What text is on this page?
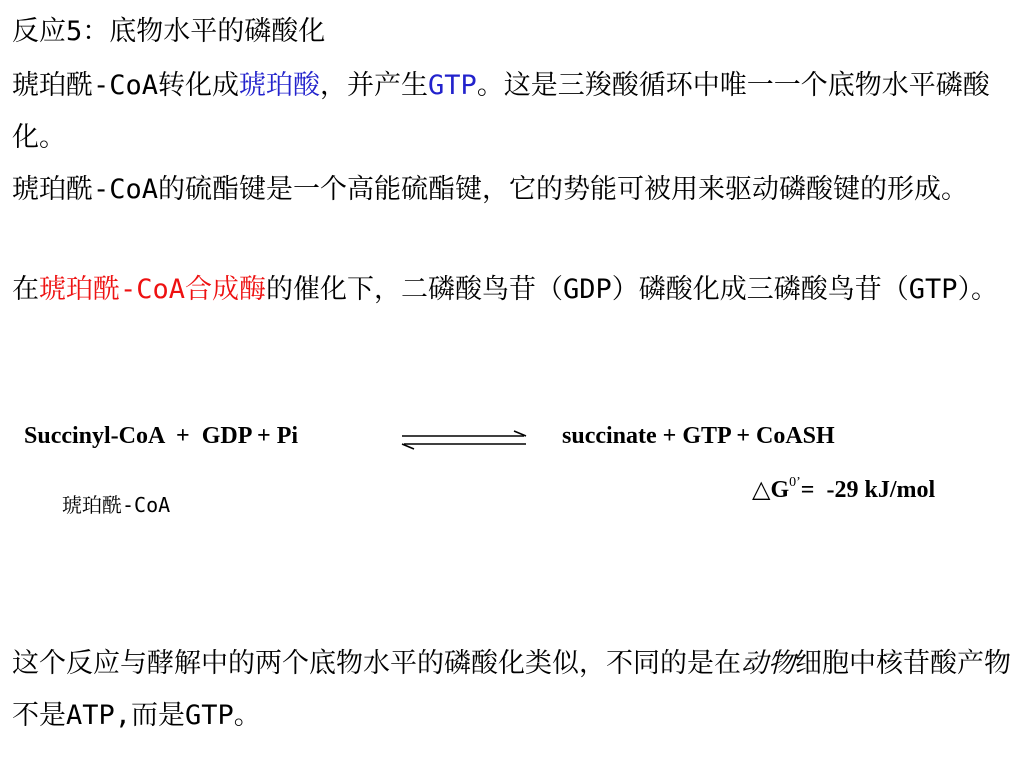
反应5：底物水平的磷酸化
琥珀酰-CoA转化成琥珀酸，并产生GTP。这是三羧酸循环中唯一一个底物水平磷酸化。
琥珀酰-CoA的硫酯键是一个高能硫酯键，它的势能可被用来驱动磷酸键的形成。
在琥珀酰-CoA合成酶的催化下，二磷酸鸟苷（GDP）磷酸化成三磷酸鸟苷（GTP）。
Succinyl-CoA  +  GDP + Pi	succinate + GTP + CoASH
$\triangle G^{0’}= -29$ kJ/mol
琥珀酰-CoA
这个反应与酵解中的两个底物水平的磷酸化类似，不同的是在动物细胞中核苷酸产物不是ATP,而是GTP。
